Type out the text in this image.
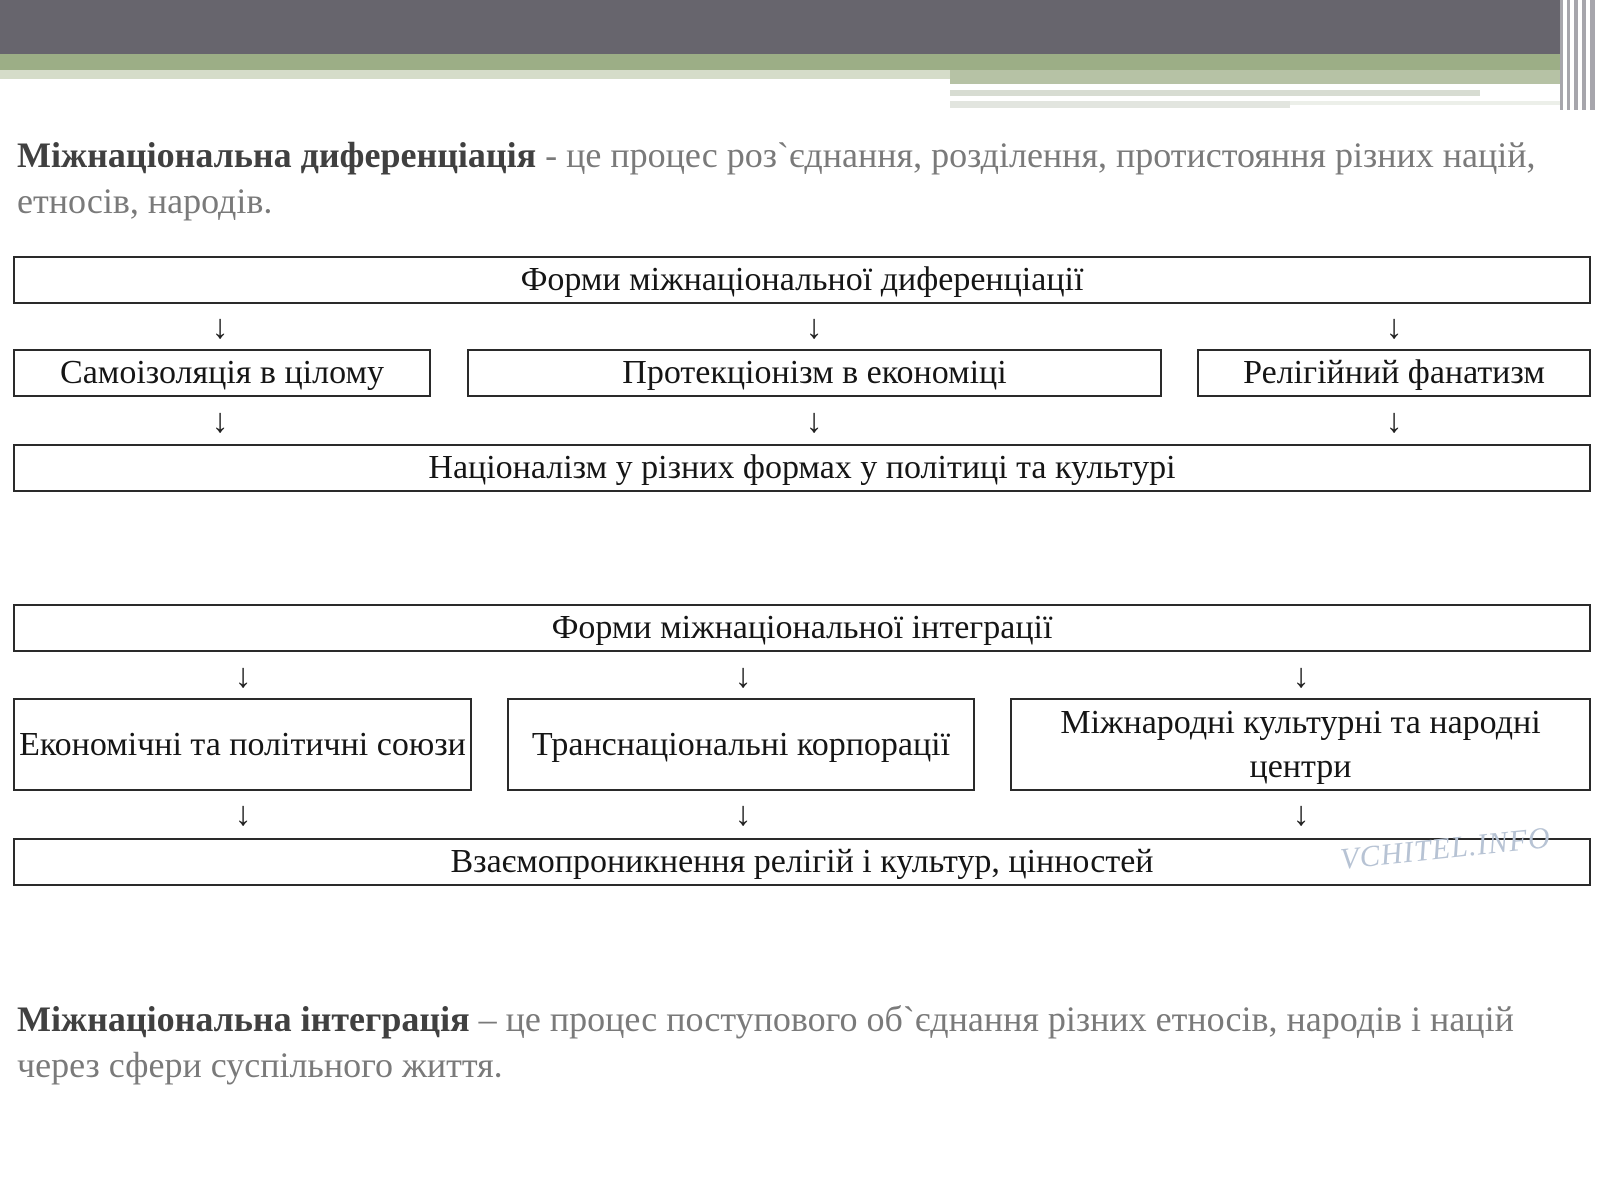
Міжнаціональна диференціація - це процес роз`єднання, розділення, протистояння різних націй, етносів, народів.
Форми міжнаціональної диференціації
↓	↓	↓
Самоізоляція в цілому	Протекціонізм в економіці	Релігійний фанатизм
↓	↓	↓
Націоналізм у різних формах у політиці та культурі
Форми міжнаціональної інтеграції
↓	↓	↓
Економічні та політичні союзи Транснаціональні корпорації
Міжнародні культурні та народні центри
↓	↓	↓
Взаємопроникнення релігій і культур, цінностей	VCHITEL.INFO
Міжнаціональна інтеграція – це процес поступового об`єднання різних етносів, народів і націй через сфери суспільного життя.
